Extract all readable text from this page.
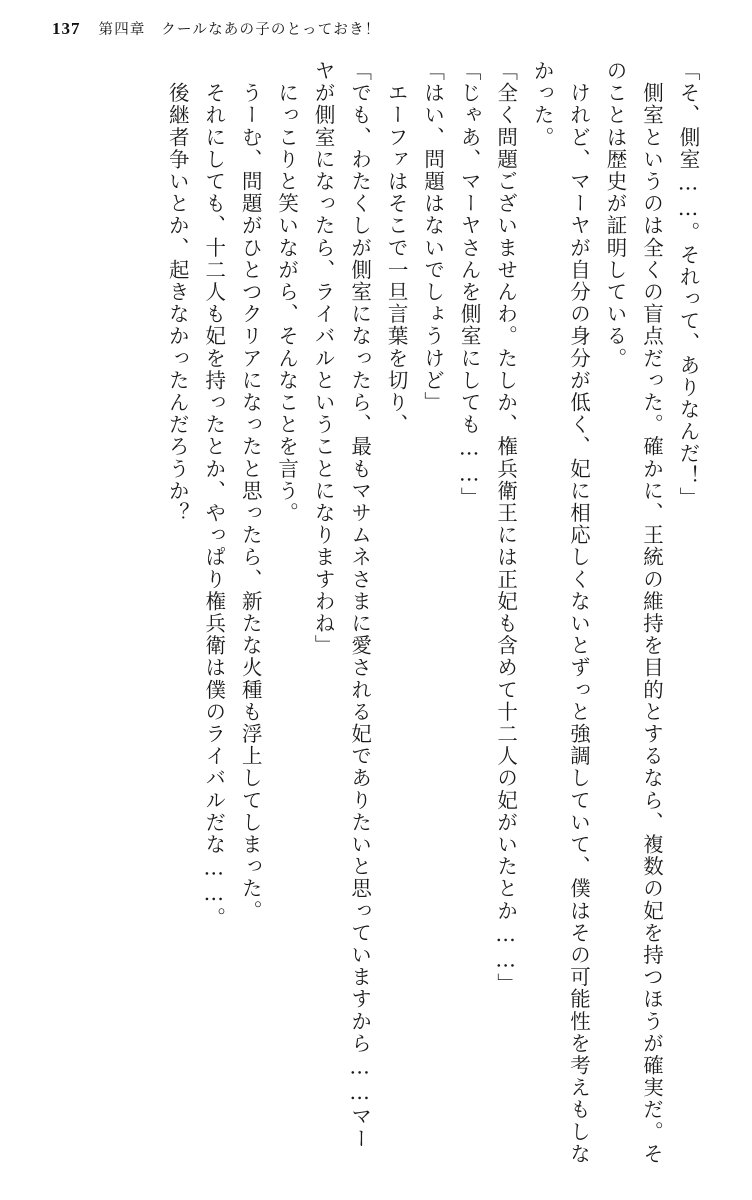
137 第四章　クールなあの子のとっておき！

「そ、側室……。それって、ありなんだ！」

　側室というのは全くの盲点だった。確かに、王統の維持を目的とするなら、複数の妃を持つほうが確実だ。そのことは歴史が証明している。

　けれど、マーヤが自分の身分が低く、妃に相応しくないとずっと強調していて、僕はその可能性を考えもしなかった。

「全く問題ございませんわ。たしか、権兵衛王には正妃も含めて十二人の妃がいたとか……」

「じゃあ、マーヤさんを側室にしても……」

「はい、問題はないでしょうけど」

　エーファはそこで一旦言葉を切り、

「でも、わたくしが側室になったら、最もマサムネさまに愛される妃でありたいと思っていますから……マーヤが側室になったら、ライバルということになりますわね」

　にっこりと笑いながら、そんなことを言う。

　うーむ、問題がひとつクリアになったと思ったら、新たな火種も浮上してしまった。

　それにしても、十二人も妃を持ったとか、やっぱり権兵衛は僕のライバルだな……。

　後継者争いとか、起きなかったんだろうか？
